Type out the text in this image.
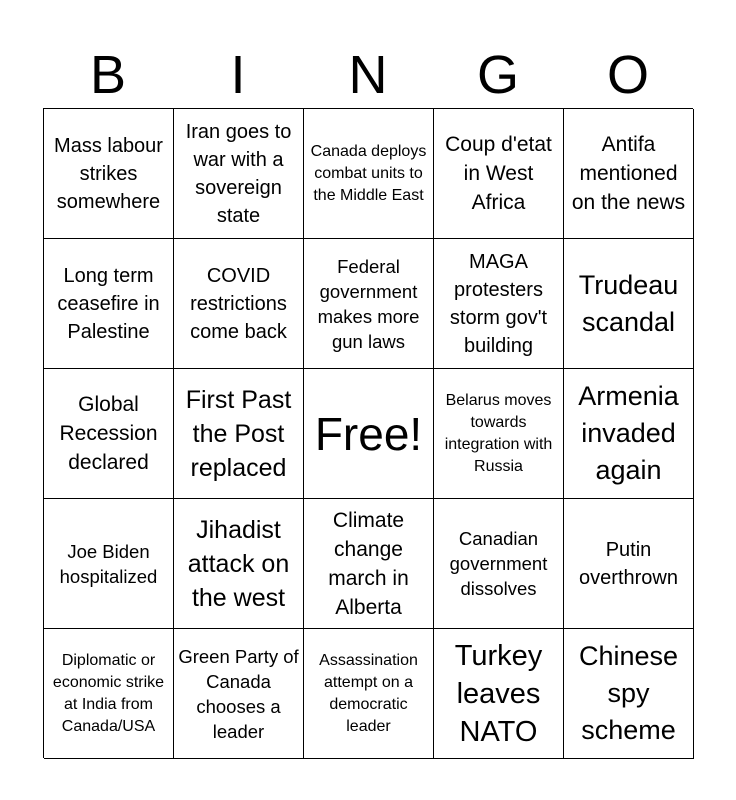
B	I	N	G	O
Mass labour strikes somewhere
Iran goes to war with a sovereign state
Canada deploys combat units to the Middle East
Coup d'etat in West Africa
Antifa mentioned on the news
Long term ceasefire in Palestine
COVID restrictions come back
Federal government makes more gun laws
MAGA protesters storm gov't building
Trudeau scandal
Global Recession declared
First Past the Post replaced
Free!
Belarus moves towards integration with Russia
Armenia invaded again
Joe Biden hospitalized
Jihadist attack on the west
Climate change march in Alberta
Canadian government dissolves
Putin overthrown
Diplomatic or economic strike at India from Canada/USA
Green Party of Canada chooses a leader
Assassination attempt on a democratic leader
Turkey leaves NATO
Chinese spy scheme
